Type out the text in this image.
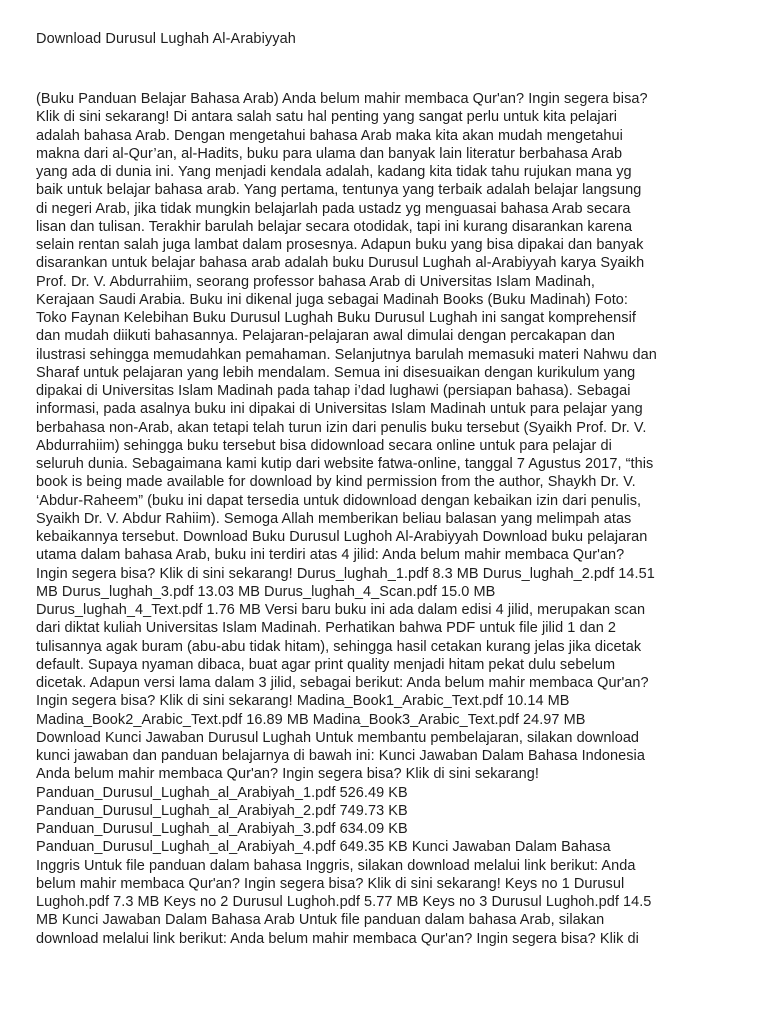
Download Durusul Lughah Al-Arabiyyah
(Buku Panduan Belajar Bahasa Arab) Anda belum mahir membaca Qur'an? Ingin segera bisa?
Klik di sini sekarang! Di antara salah satu hal penting yang sangat perlu untuk kita pelajari
adalah bahasa Arab. Dengan mengetahui bahasa Arab maka kita akan mudah mengetahui
makna dari al-Qur’an, al-Hadits, buku para ulama dan banyak lain literatur berbahasa Arab
yang ada di dunia ini. Yang menjadi kendala adalah, kadang kita tidak tahu rujukan mana yg
baik untuk belajar bahasa arab. Yang pertama, tentunya yang terbaik adalah belajar langsung
di negeri Arab, jika tidak mungkin belajarlah pada ustadz yg menguasai bahasa Arab secara
lisan dan tulisan. Terakhir barulah belajar secara otodidak, tapi ini kurang disarankan karena
selain rentan salah juga lambat dalam prosesnya. Adapun buku yang bisa dipakai dan banyak
disarankan untuk belajar bahasa arab adalah buku Durusul Lughah al-Arabiyyah karya Syaikh
Prof. Dr. V. Abdurrahiim, seorang professor bahasa Arab di Universitas Islam Madinah,
Kerajaan Saudi Arabia. Buku ini dikenal juga sebagai Madinah Books (Buku Madinah) Foto:
Toko Faynan Kelebihan Buku Durusul Lughah Buku Durusul Lughah ini sangat komprehensif
dan mudah diikuti bahasannya. Pelajaran-pelajaran awal dimulai dengan percakapan dan
ilustrasi sehingga memudahkan pemahaman. Selanjutnya barulah memasuki materi Nahwu dan
Sharaf untuk pelajaran yang lebih mendalam. Semua ini disesuaikan dengan kurikulum yang
dipakai di Universitas Islam Madinah pada tahap i’dad lughawi (persiapan bahasa). Sebagai
informasi, pada asalnya buku ini dipakai di Universitas Islam Madinah untuk para pelajar yang
berbahasa non-Arab, akan tetapi telah turun izin dari penulis buku tersebut (Syaikh Prof. Dr. V.
Abdurrahiim) sehingga buku tersebut bisa didownload secara online untuk para pelajar di
seluruh dunia. Sebagaimana kami kutip dari website fatwa-online, tanggal 7 Agustus 2017, “this
book is being made available for download by kind permission from the author, Shaykh Dr. V.
‘Abdur-Raheem” (buku ini dapat tersedia untuk didownload dengan kebaikan izin dari penulis,
Syaikh Dr. V. Abdur Rahiim). Semoga Allah memberikan beliau balasan yang melimpah atas
kebaikannya tersebut. Download Buku Durusul Lughoh Al-Arabiyyah Download buku pelajaran
utama dalam bahasa Arab, buku ini terdiri atas 4 jilid: Anda belum mahir membaca Qur'an?
Ingin segera bisa? Klik di sini sekarang! Durus_lughah_1.pdf 8.3 MB Durus_lughah_2.pdf 14.51
MB Durus_lughah_3.pdf 13.03 MB Durus_lughah_4_Scan.pdf 15.0 MB
Durus_lughah_4_Text.pdf 1.76 MB Versi baru buku ini ada dalam edisi 4 jilid, merupakan scan
dari diktat kuliah Universitas Islam Madinah. Perhatikan bahwa PDF untuk file jilid 1 dan 2
tulisannya agak buram (abu-abu tidak hitam), sehingga hasil cetakan kurang jelas jika dicetak
default. Supaya nyaman dibaca, buat agar print quality menjadi hitam pekat dulu sebelum
dicetak. Adapun versi lama dalam 3 jilid, sebagai berikut: Anda belum mahir membaca Qur'an?
Ingin segera bisa? Klik di sini sekarang! Madina_Book1_Arabic_Text.pdf 10.14 MB
Madina_Book2_Arabic_Text.pdf 16.89 MB Madina_Book3_Arabic_Text.pdf 24.97 MB
Download Kunci Jawaban Durusul Lughah Untuk membantu pembelajaran, silakan download
kunci jawaban dan panduan belajarnya di bawah ini: Kunci Jawaban Dalam Bahasa Indonesia
Anda belum mahir membaca Qur'an? Ingin segera bisa? Klik di sini sekarang!
Panduan_Durusul_Lughah_al_Arabiyah_1.pdf 526.49 KB
Panduan_Durusul_Lughah_al_Arabiyah_2.pdf 749.73 KB
Panduan_Durusul_Lughah_al_Arabiyah_3.pdf 634.09 KB
Panduan_Durusul_Lughah_al_Arabiyah_4.pdf 649.35 KB Kunci Jawaban Dalam Bahasa
Inggris Untuk file panduan dalam bahasa Inggris, silakan download melalui link berikut: Anda
belum mahir membaca Qur'an? Ingin segera bisa? Klik di sini sekarang! Keys no 1 Durusul
Lughoh.pdf 7.3 MB Keys no 2 Durusul Lughoh.pdf 5.77 MB Keys no 3 Durusul Lughoh.pdf 14.5
MB Kunci Jawaban Dalam Bahasa Arab Untuk file panduan dalam bahasa Arab, silakan
download melalui link berikut: Anda belum mahir membaca Qur'an? Ingin segera bisa? Klik di
